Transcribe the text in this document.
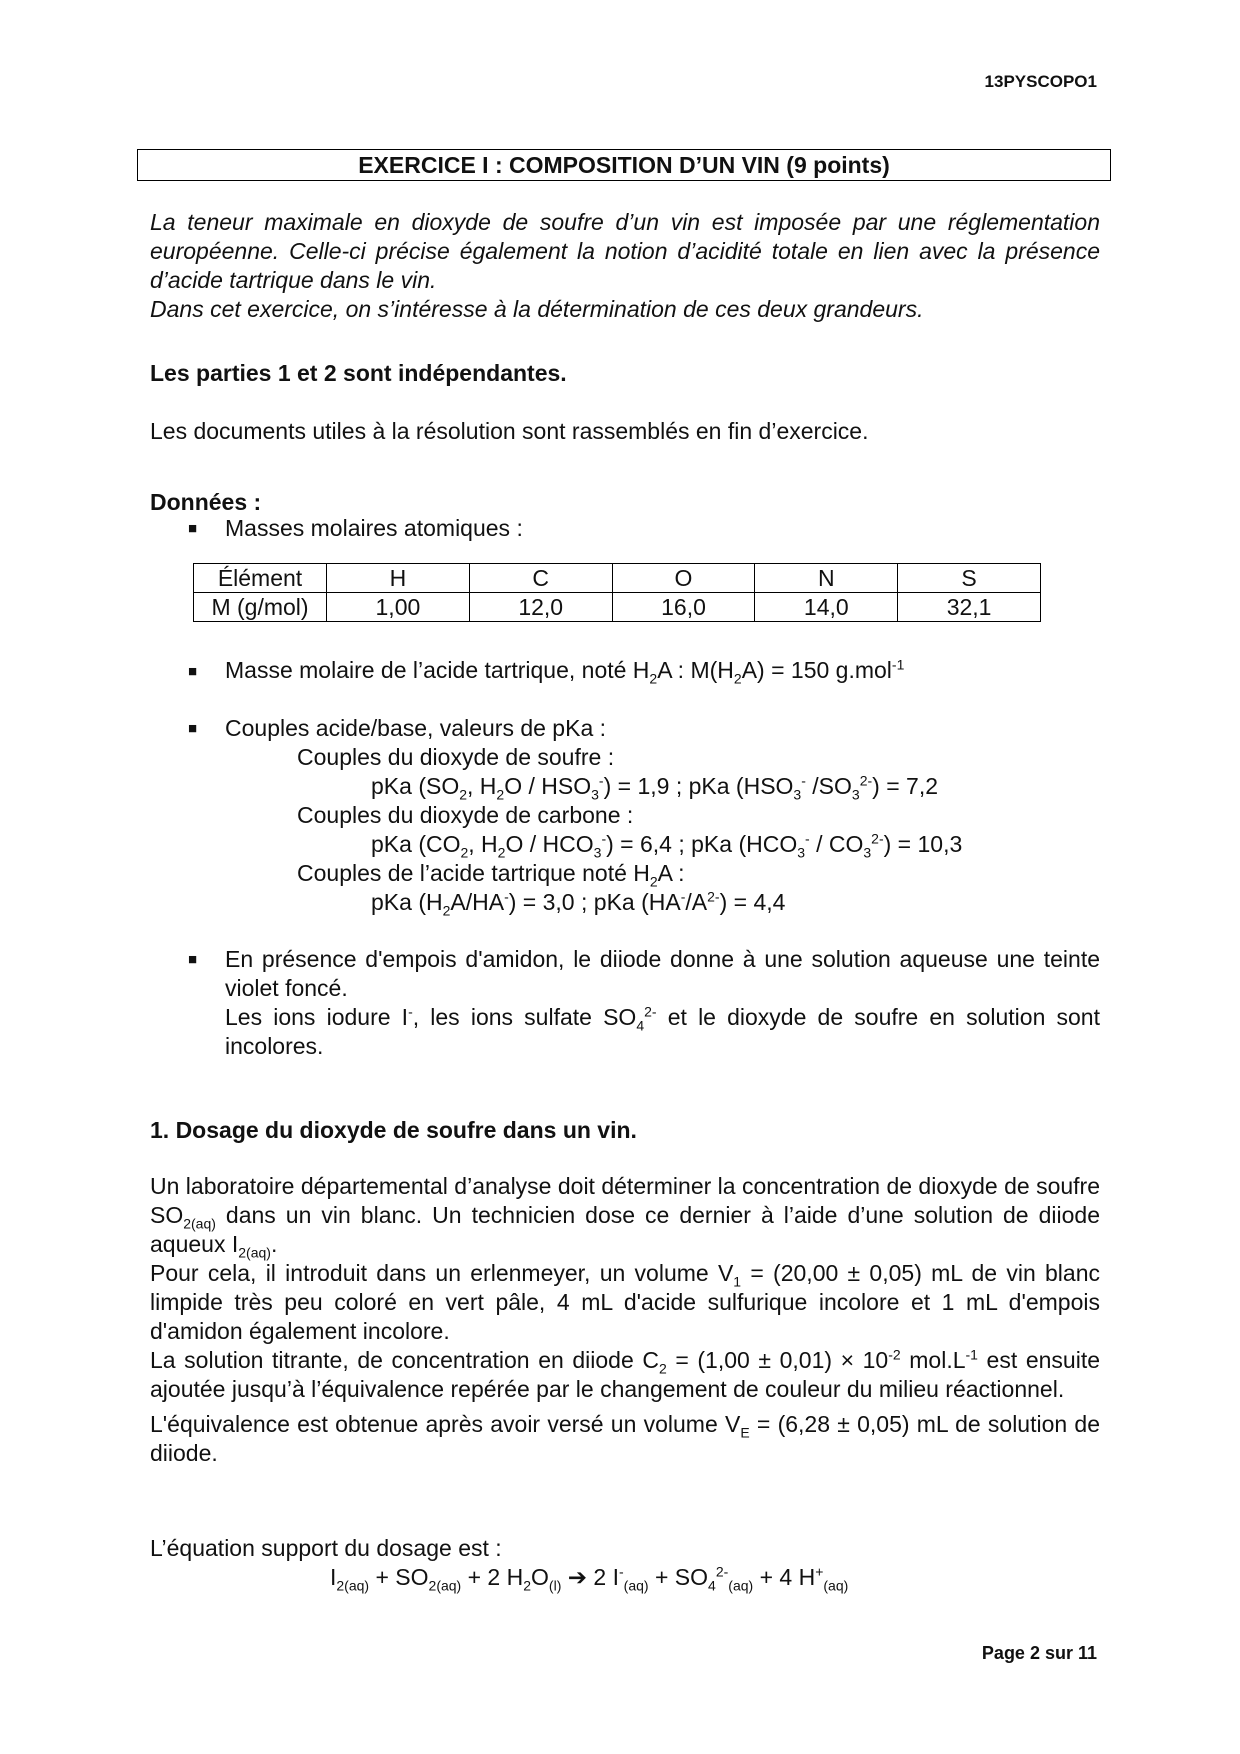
13PYSCOPO1
EXERCICE I : COMPOSITION D’UN VIN (9 points)

La teneur maximale en dioxyde de soufre d’un vin est imposée par une réglementation européenne. Celle-ci précise également la notion d’acidité totale en lien avec la présence d’acide tartrique dans le vin.

Dans cet exercice, on s’intéresse à la détermination de ces deux grandeurs.

Les parties 1 et 2 sont indépendantes.
Les documents utiles à la résolution sont rassemblés en fin d’exercice.
Données :
■	Masses molaires atomiques :
Élément	H	C	O	N	S
M (g/mol)	1,00	12,0	16,0	14,0	32,1
■	Masse molaire de l’acide tartrique, noté $H_2A$ : $M(H_2A) = 150$ g.mol$^{-1}$
■	Couples acide/base, valeurs de pKa :
Couples du dioxyde de soufre :
pKa ($SO_2$, $H_2O / HSO_3^-) = 1,9$ ; pKa ($HSO_3^-$ $/SO_3^{2-}) = 7,2$
Couples du dioxyde de carbone :
pKa ($CO_2$, $H_2O / HCO_3^-) = 6,4$ ; pKa $(HCO_3^- / CO_3^{2-}) = 10,3$
Couples de l’acide tartrique noté $H_2A$ :
pKa $(H_2A/HA^-) = 3,0$ ; pKa $(HA^-/A^{2-}) = 4,4$
■	En présence d'empois d'amidon, le diiode donne à une solution aqueuse une teinte violet foncé.
Les ions iodure I-, les ions sulfate $SO_4^{2-}$ et le dioxyde de soufre en solution sont incolores.
1. Dosage du dioxyde de soufre dans un vin.

Un laboratoire départemental d’analyse doit déterminer la concentration de dioxyde de soufre $SO_{2(aq)}$ dans un vin blanc. Un technicien dose ce dernier à l’aide d’une solution de diiode aqueux $I_{2(aq)}$.

Pour cela, il introduit dans un erlenmeyer, un volume $V_1 = (20,00 \pm 0,05)$ mL de vin blanc limpide très peu coloré en vert pâle, 4 mL d'acide sulfurique incolore et 1 mL d'empois d'amidon également incolore.

La solution titrante, de concentration en diiode $C_2 = (1,00 \pm 0,01) \times 10^{-2}$ $mol.L^{-1}$ est ensuite ajoutée jusqu’à l’équivalence repérée par le changement de couleur du milieu réactionnel.

L'équivalence est obtenue après avoir versé un volume $V_E = (6,28 \pm 0,05)$ mL de solution de diiode.

L’équation support du dosage est :
$I_{2(aq)} + SO_{2(aq)} + 2$ $H_2O_{(l)}$ ➔ 2 $I^-_{(aq)} + SO_4^{2-}_{(aq)} + 4$ $H^+_{(aq)}$
Page 2 sur 11
